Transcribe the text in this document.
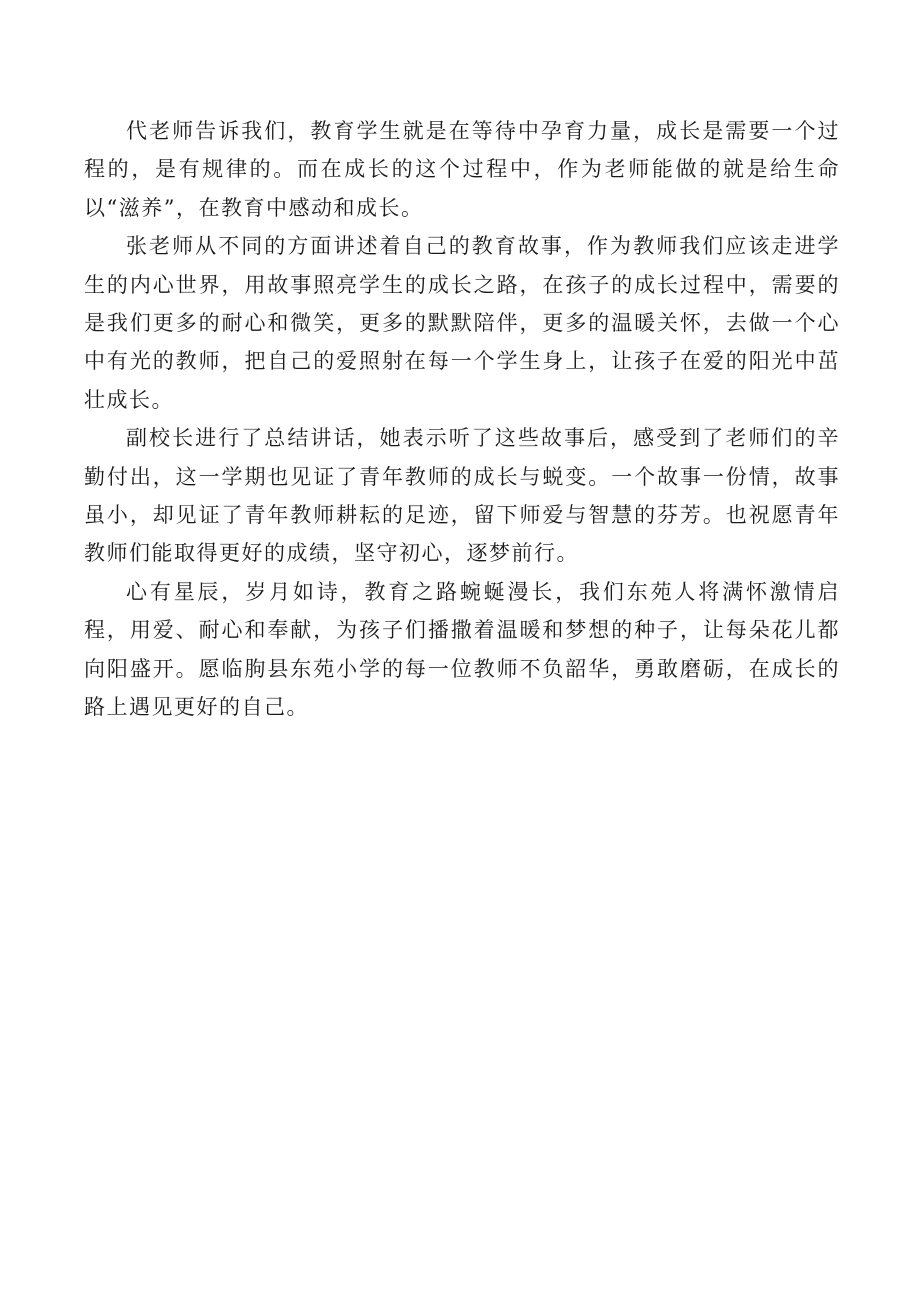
代老师告诉我们，教育学生就是在等待中孕育力量，成长是需要一个过程的，是有规律的。而在成长的这个过程中，作为老师能做的就是给生命以“滋养”，在教育中感动和成长。

张老师从不同的方面讲述着自己的教育故事，作为教师我们应该走进学生的内心世界，用故事照亮学生的成长之路，在孩子的成长过程中，需要的是我们更多的耐心和微笑，更多的默默陪伴，更多的温暖关怀，去做一个心中有光的教师，把自己的爱照射在每一个学生身上，让孩子在爱的阳光中茁壮成长。

副校长进行了总结讲话，她表示听了这些故事后，感受到了老师们的辛勤付出，这一学期也见证了青年教师的成长与蜕变。一个故事一份情，故事虽小，却见证了青年教师耕耘的足迹，留下师爱与智慧的芬芳。也祝愿青年教师们能取得更好的成绩，坚守初心，逐梦前行。

心有星辰，岁月如诗，教育之路蜿蜒漫长，我们东苑人将满怀激情启程，用爱、耐心和奉献，为孩子们播撒着温暖和梦想的种子，让每朵花儿都向阳盛开。愿临朐县东苑小学的每一位教师不负韶华，勇敢磨砺，在成长的路上遇见更好的自己。
